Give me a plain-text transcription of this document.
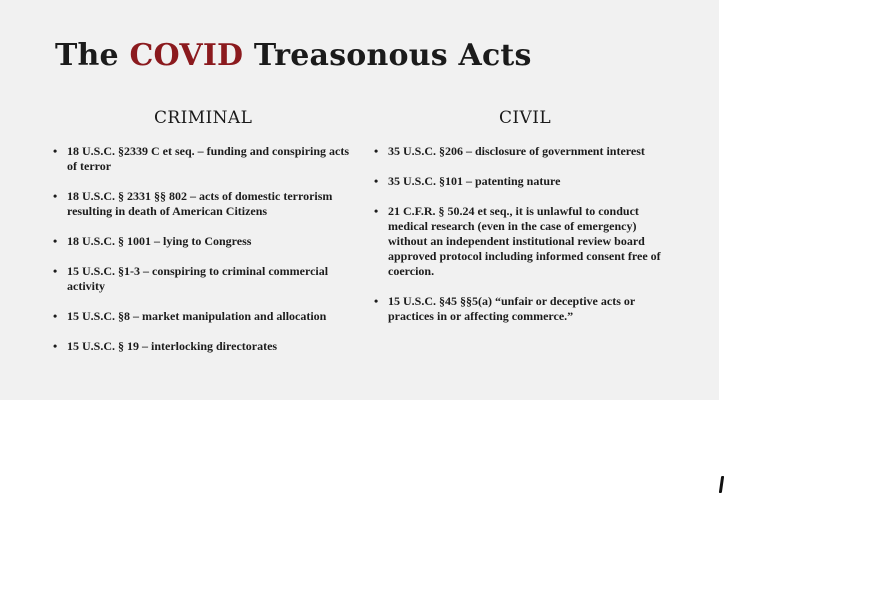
The COVID Treasonous Acts
CRIMINAL	CIVIL
• 18 U.S.C. §2339 C et seq. – funding and conspiring acts of terror
• 18 U.S.C. § 2331 §§ 802 – acts of domestic terrorism resulting in death of American Citizens
• 18 U.S.C. § 1001 – lying to Congress
• 15 U.S.C. §1-3 – conspiring to criminal commercial activity
• 15 U.S.C. §8 – market manipulation and allocation
• 15 U.S.C. § 19 – interlocking directorates
• 35 U.S.C. §206 – disclosure of government interest
• 35 U.S.C. §101 – patenting nature
• 21 C.F.R. § 50.24 et seq., it is unlawful to conduct medical research (even in the case of emergency) without an independent institutional review board approved protocol including informed consent free of coercion.
• 15 U.S.C. §45 §§5(a) “unfair or deceptive acts or practices in or affecting commerce.”
